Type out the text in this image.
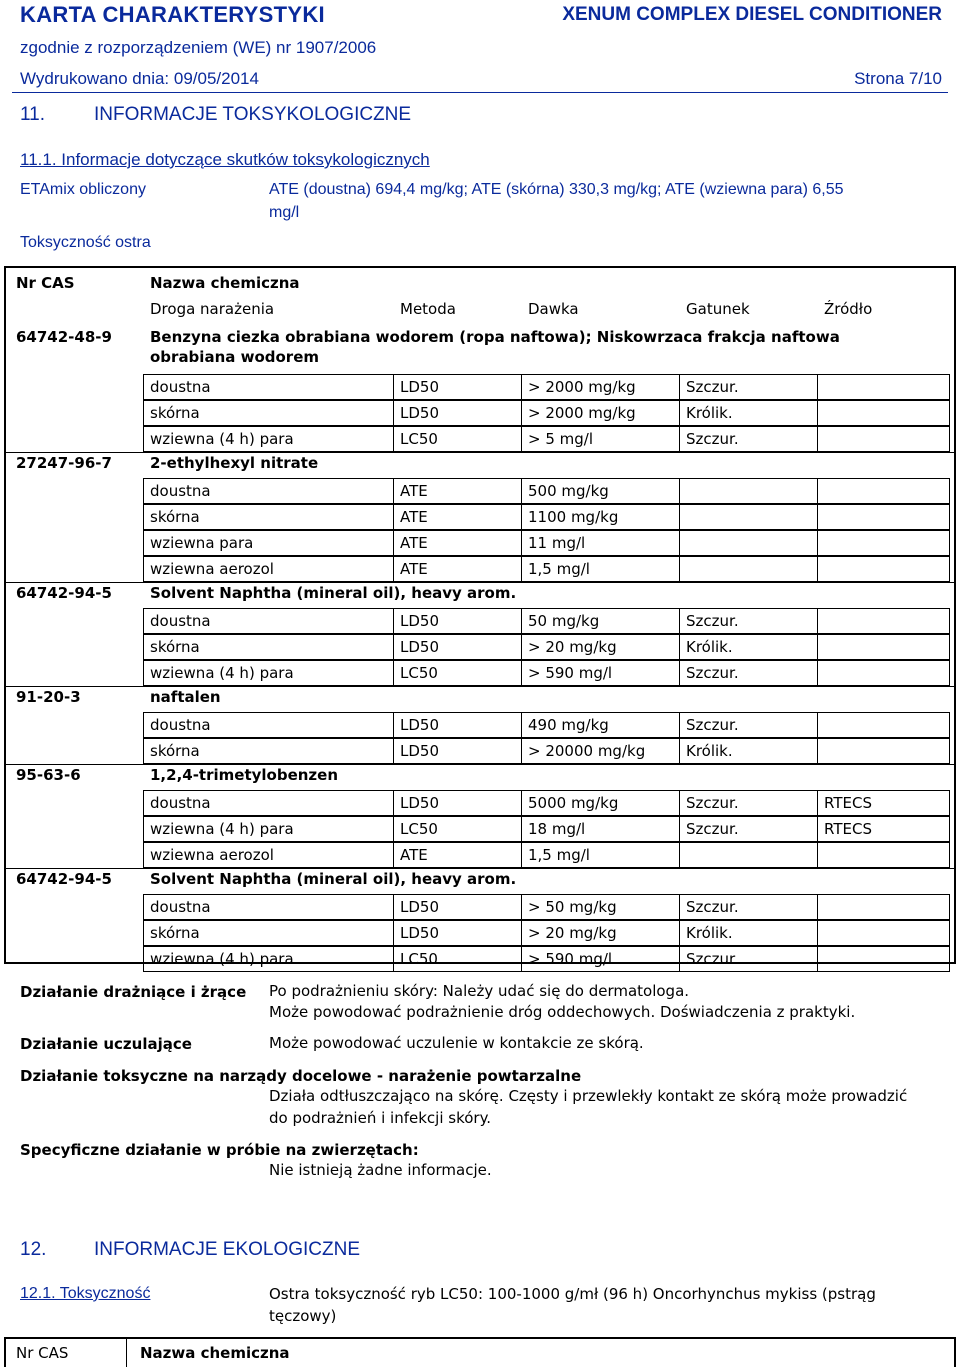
KARTA CHARAKTERYSTYKI	XENUM COMPLEX DIESEL CONDITIONER
zgodnie z rozporządzeniem (WE) nr 1907/2006
Wydrukowano dnia: 09/05/2014	Strona 7/10
11.	INFORMACJE TOKSYKOLOGICZNE
11.1. Informacje dotyczące skutków toksykologicznych
ETAmix obliczony	ATE (doustna) 694,4 mg/kg; ATE (skórna) 330,3 mg/kg; ATE (wziewna para) 6,55
mg/l
Toksyczność ostra
Nr CAS	Nazwa chemiczna
Droga narażenia	Metoda	Dawka	Gatunek	Źródło
64742-48-9	Benzyna ciezka obrabiana wodorem (ropa naftowa); Niskowrzaca frakcja naftowa
obrabiana wodorem
doustna	LD50	> 2000 mg/kg	Szczur.
skórna	LD50	> 2000 mg/kg	Królik.
wziewna (4 h) para	LC50	> 5 mg/l	Szczur.
27247-96-7	2-ethylhexyl nitrate
doustna	ATE	500 mg/kg
skórna	ATE	1100 mg/kg
wziewna para	ATE	11 mg/l
wziewna aerozol	ATE	1,5 mg/l
64742-94-5	Solvent Naphtha (mineral oil), heavy arom.
doustna	LD50	50 mg/kg	Szczur.
skórna	LD50	> 20 mg/kg	Królik.
wziewna (4 h) para	LC50	> 590 mg/l	Szczur.
91-20-3	naftalen
doustna	LD50	490 mg/kg	Szczur.
skórna	LD50	> 20000 mg/kg	Królik.
95-63-6	1,2,4-trimetylobenzen
doustna	LD50	5000 mg/kg	Szczur.	RTECS
wziewna (4 h) para	LC50	18 mg/l	Szczur.	RTECS
wziewna aerozol	ATE	1,5 mg/l
64742-94-5	Solvent Naphtha (mineral oil), heavy arom.
doustna	LD50	> 50 mg/kg	Szczur.
skórna	LD50	> 20 mg/kg	Królik.
wziewna (4 h) para	LC50	> 590 mg/l	Szczur.
Działanie drażniące i żrące Po podrażnieniu skóry: Należy udać się do dermatologa.
Może powodować podrażnienie dróg oddechowych. Doświadczenia z praktyki.
Działanie uczulające	Może powodować uczulenie w kontakcie ze skórą.
Działanie toksyczne na narządy docelowe - narażenie powtarzalne
Działa odtłuszczająco na skórę. Częsty i przewlekły kontakt ze skórą może prowadzić
do podrażnień i infekcji skóry.
Specyficzne działanie w próbie na zwierzętach:
Nie istnieją żadne informacje.
12.	INFORMACJE EKOLOGICZNE
12.1. Toksyczność	Ostra toksyczność ryb LC50: 100-1000 g/mł (96 h) Oncorhynchus mykiss (pstrąg
tęczowy)
Nr CAS	Nazwa chemiczna
